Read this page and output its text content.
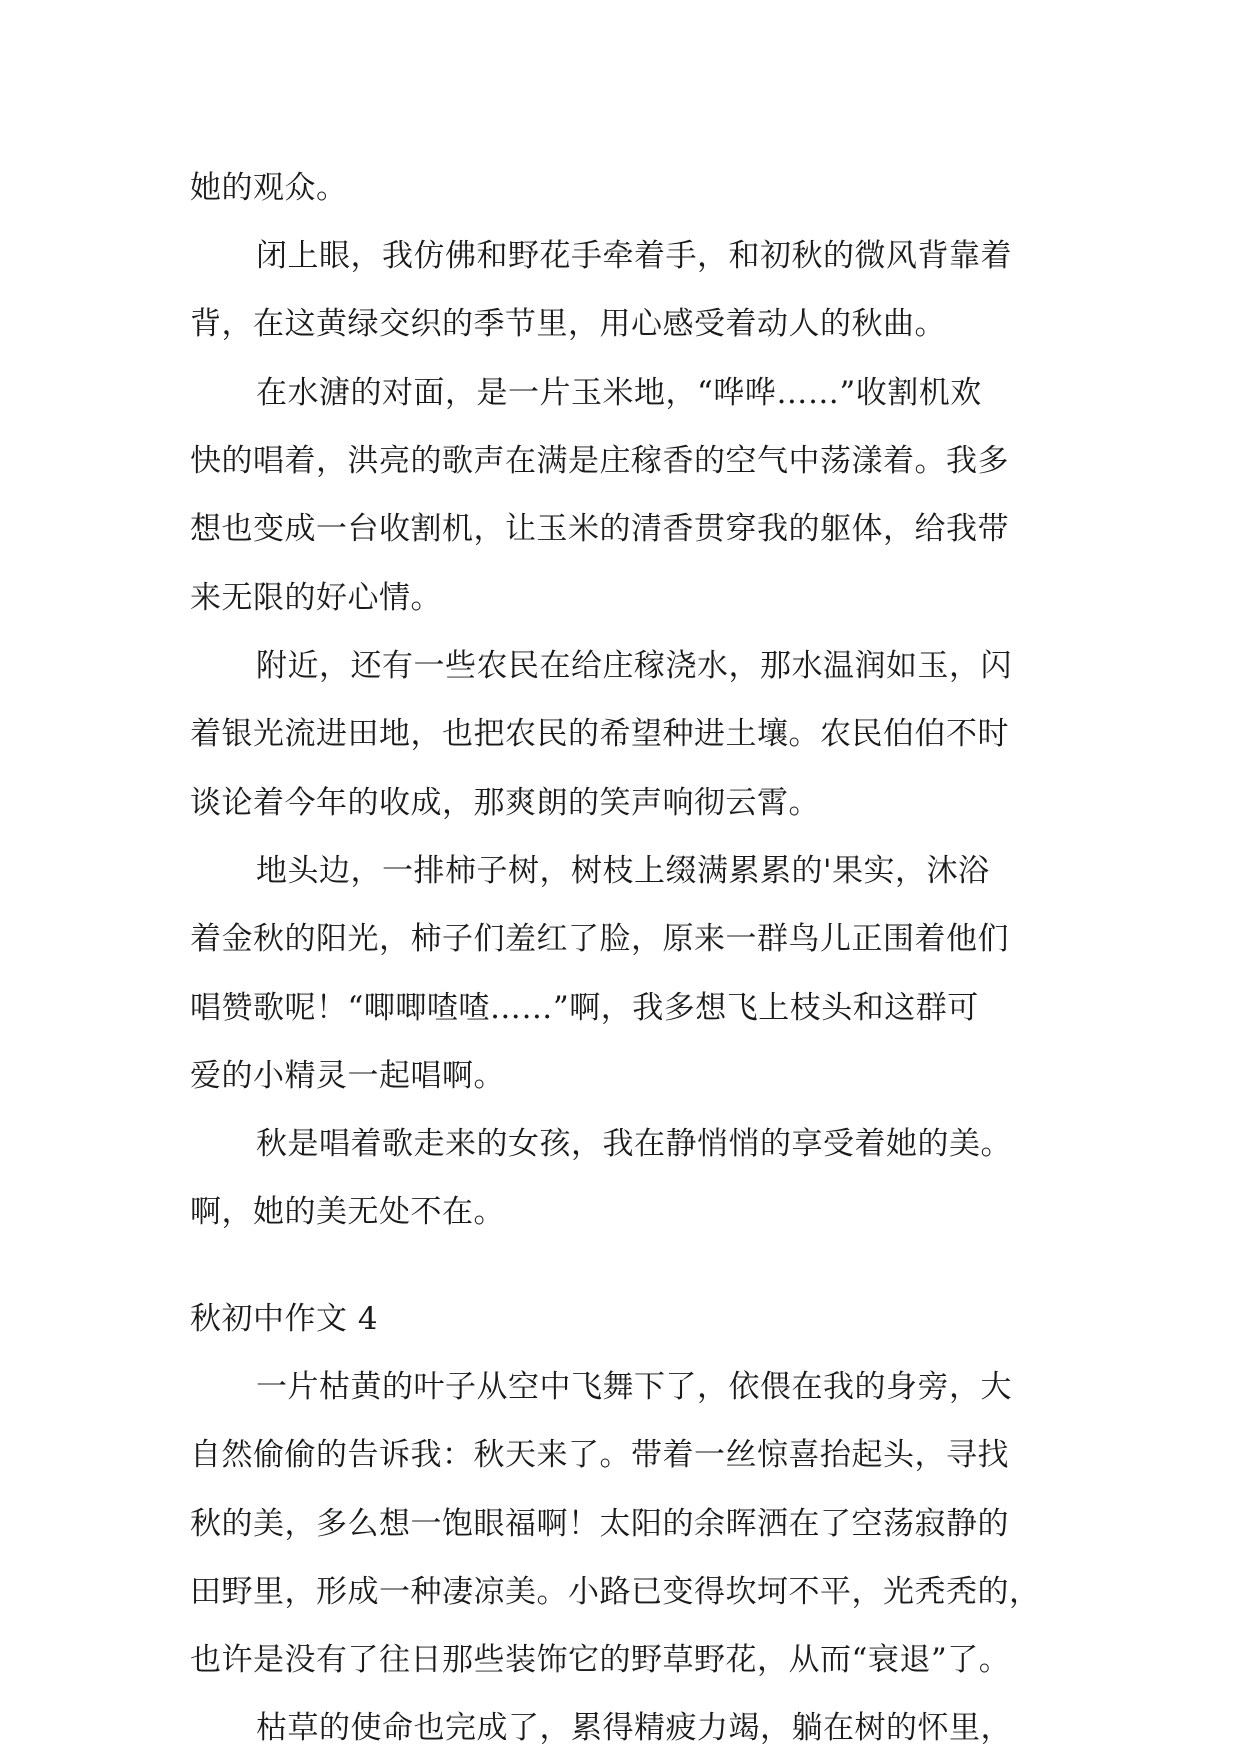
她的观众。
闭上眼，我仿佛和野花手牵着手，和初秋的微风背靠着
背，在这黄绿交织的季节里，用心感受着动人的秋曲。
在水溏的对面，是一片玉米地，“哗哗……”收割机欢
快的唱着，洪亮的歌声在满是庄稼香的空气中荡漾着。我多
想也变成一台收割机，让玉米的清香贯穿我的躯体，给我带
来无限的好心情。
附近，还有一些农民在给庄稼浇水，那水温润如玉，闪
着银光流进田地，也把农民的希望种进土壤。农民伯伯不时
谈论着今年的收成，那爽朗的笑声响彻云霄。
地头边，一排柿子树，树枝上缀满累累的'果实，沐浴
着金秋的阳光，柿子们羞红了脸，原来一群鸟儿正围着他们
唱赞歌呢！“唧唧喳喳……”啊，我多想飞上枝头和这群可
爱的小精灵一起唱啊。
秋是唱着歌走来的女孩，我在静悄悄的享受着她的美。
啊，她的美无处不在。
秋初中作文 4
一片枯黄的叶子从空中飞舞下了，依偎在我的身旁，大
自然偷偷的告诉我：秋天来了。带着一丝惊喜抬起头，寻找
秋的美，多么想一饱眼福啊！太阳的余晖洒在了空荡寂静的
田野里，形成一种凄凉美。小路已变得坎坷不平，光秃秃的，
也许是没有了往日那些装饰它的野草野花，从而“衰退”了。
枯草的使命也完成了，累得精疲力竭，躺在树的怀里，
